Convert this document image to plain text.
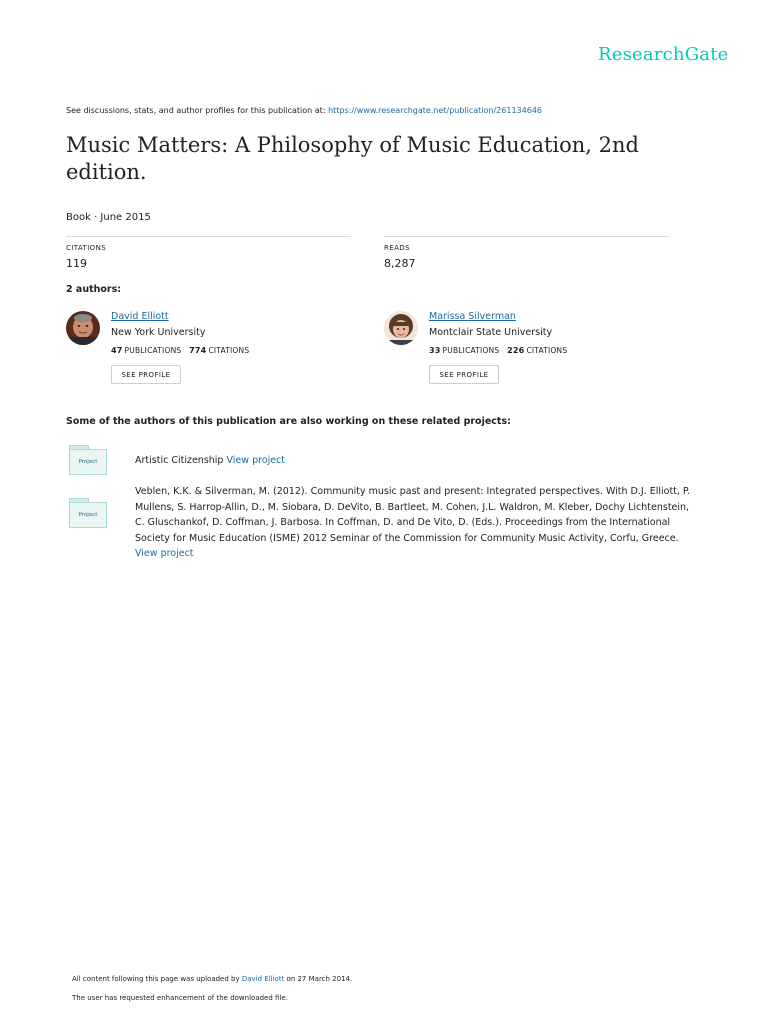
ResearchGate
See discussions, stats, and author profiles for this publication at: https://www.researchgate.net/publication/261134646
Music Matters: A Philosophy of Music Education, 2nd edition.
Book · June 2015
CITATIONS
119
READS
8,287
2 authors:
David Elliott
New York University
47 PUBLICATIONS 774 CITATIONS
SEE PROFILE
Marissa Silverman
Montclair State University
33 PUBLICATIONS 226 CITATIONS
SEE PROFILE
Some of the authors of this publication are also working on these related projects:
Project	Artistic Citizenship View project
Project
Veblen, K.K. & Silverman, M. (2012). Community music past and present: Integrated perspectives. With D.J. Elliott, P. Mullens, S. Harrop-Allin, D., M. Siobara, D. DeVito, B. Bartleet, M. Cohen, J.L. Waldron, M. Kleber, Dochy Lichtenstein, C. Gluschankof, D. Coffman, J. Barbosa. In Coffman, D. and De Vito, D. (Eds.). Proceedings from the International Society for Music Education (ISME) 2012 Seminar of the Commission for Community Music Activity, Corfu, Greece. View project
All content following this page was uploaded by David Elliott on 27 March 2014.
The user has requested enhancement of the downloaded file.
